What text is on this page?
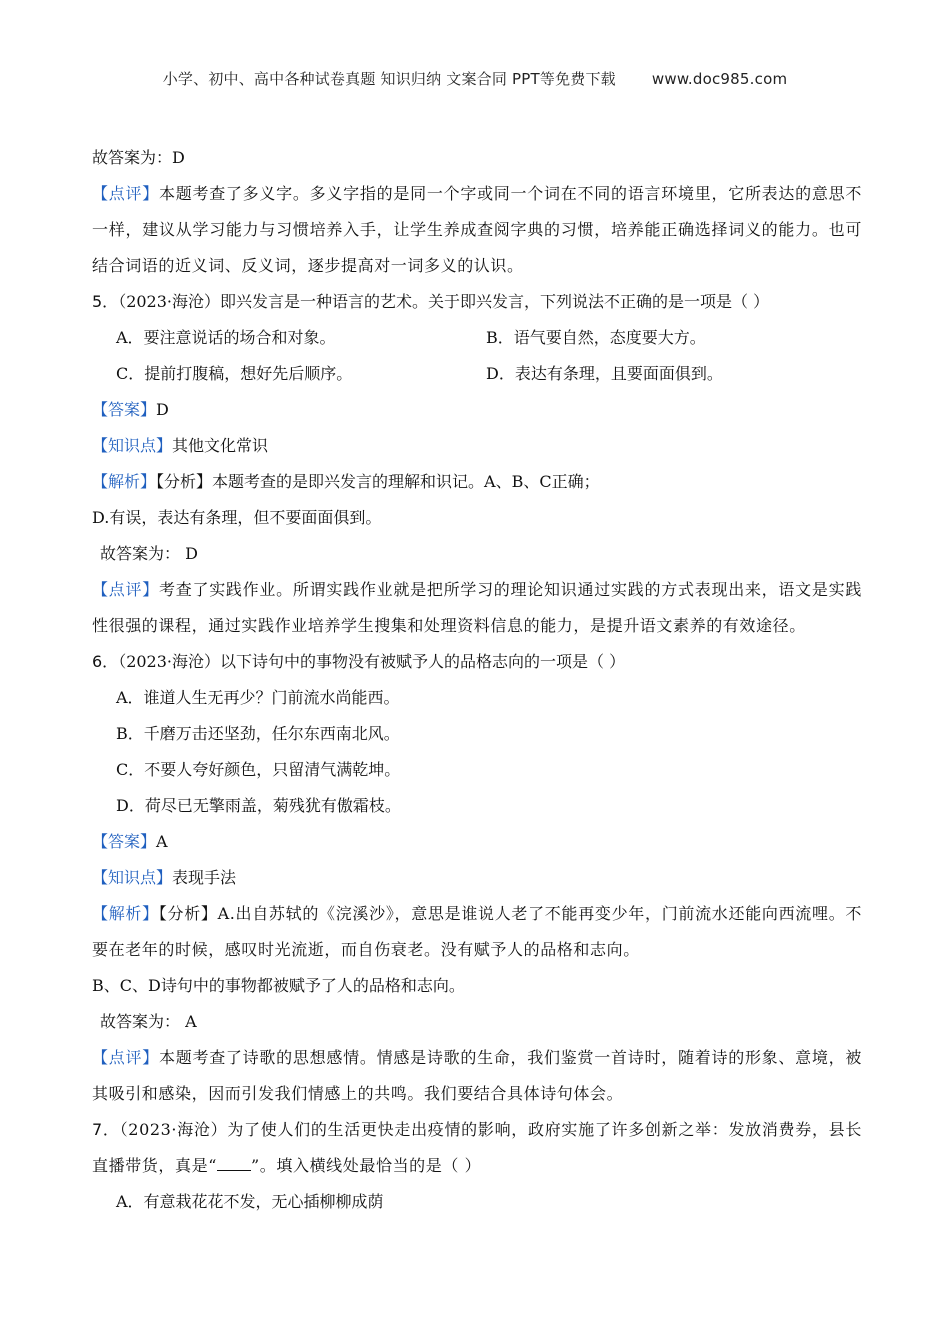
小学、初中、高中各种试卷真题 知识归纳 文案合同 PPT等免费下载 www.doc985.com
故答案为：D
【点评】本题考查了多义字。多义字指的是同一个字或同一个词在不同的语言环境里，它所表达的意思不一样，建议从学习能力与习惯培养入手，让学生养成查阅字典的习惯，培养能正确选择词义的能力。也可结合词语的近义词、反义词，逐步提高对一词多义的认识。
5．（2023·海沧）即兴发言是一种语言的艺术。关于即兴发言，下列说法不正确的是一项是（ ）
A．要注意说话的场合和对象。	B．语气要自然，态度要大方。
C．提前打腹稿，想好先后顺序。	D．表达有条理，且要面面俱到。
【答案】D
【知识点】其他文化常识
【解析】【分析】本题考查的是即兴发言的理解和识记。A、B、C正确；
D.有误，表达有条理，但不要面面俱到。
故答案为： D
【点评】考查了实践作业。所谓实践作业就是把所学习的理论知识通过实践的方式表现出来，语文是实践性很强的课程，通过实践作业培养学生搜集和处理资料信息的能力，是提升语文素养的有效途径。
6．（2023·海沧）以下诗句中的事物没有被赋予人的品格志向的一项是（ ）
A．谁道人生无再少？门前流水尚能西。
B．千磨万击还坚劲，任尔东西南北风。
C．不要人夸好颜色，只留清气满乾坤。
D．荷尽已无擎雨盖，菊残犹有傲霜枝。
【答案】A
【知识点】表现手法
【解析】【分析】A.出自苏轼的《浣溪沙》，意思是谁说人老了不能再变少年，门前流水还能向西流哩。不要在老年的时候，感叹时光流逝，而自伤衰老。没有赋予人的品格和志向。
B、C、D诗句中的事物都被赋予了人的品格和志向。
故答案为： A
【点评】本题考查了诗歌的思想感情。情感是诗歌的生命，我们鉴赏一首诗时，随着诗的形象、意境，被其吸引和感染，因而引发我们情感上的共鸣。我们要结合具体诗句体会。
7．（2023·海沧）为了使人们的生活更快走出疫情的影响，政府实施了许多创新之举：发放消费券，县长直播带货，真是“ ”。填入横线处最恰当的是（ ）
A．有意栽花花不发，无心插柳柳成荫
